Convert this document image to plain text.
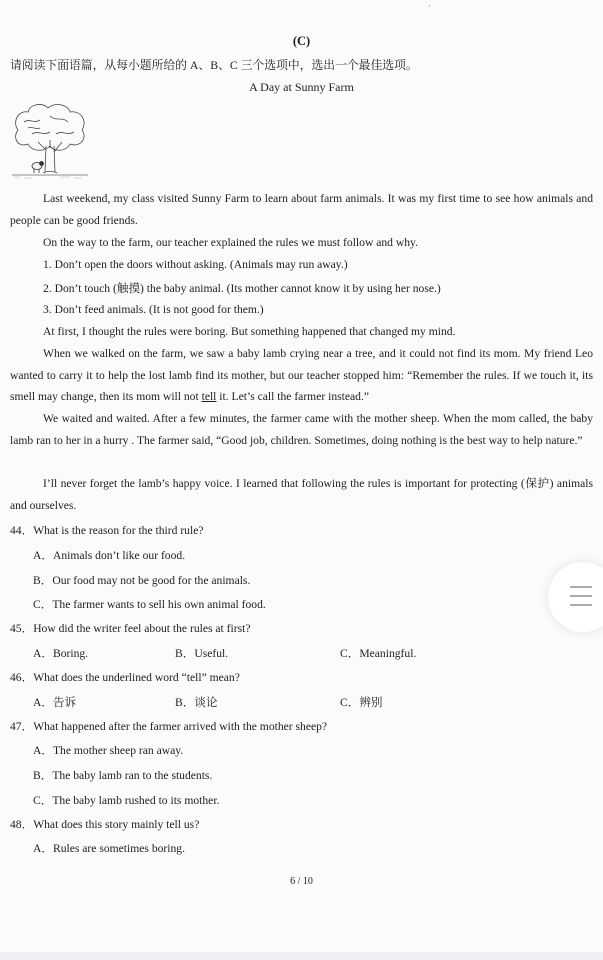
’
(C)
请阅读下面语篇，从每小题所给的 A、B、C 三个选项中，选出一个最佳选项。
A Day at Sunny Farm
Last weekend, my class visited Sunny Farm to learn about farm animals. It was my first time to see how animals and people can be good friends.
On the way to the farm, our teacher explained the rules we must follow and why.
1. Don’t open the doors without asking. (Animals may run away.)
2. Don’t touch (触摸) the baby animal. (Its mother cannot know it by using her nose.)
3. Don’t feed animals. (It is not good for them.)
At first, I thought the rules were boring. But something happened that changed my mind.
When we walked on the farm, we saw a baby lamb crying near a tree, and it could not find its mom. My friend Leo wanted to carry it to help the lost lamb find its mother, but our teacher stopped him: “Remember the rules. If we touch it, its smell may change, then its mom will not tell it. Let’s call the farmer instead.”
We waited and waited. After a few minutes, the farmer came with the mother sheep. When the mom called, the baby lamb ran to her in a hurry . The farmer said, “Good job, children. Sometimes, doing nothing is the best way to help nature.”
I’ll never forget the lamb’s happy voice. I learned that following the rules is important for protecting (保护) animals and ourselves.
44．What is the reason for the third rule?
A．Animals don’t like our food.
B．Our food may not be good for the animals.
C．The farmer wants to sell his own animal food.
45．How did the writer feel about the rules at first?
A．Boring.	B．Useful.	C．Meaningful.
46．What does the underlined word “tell” mean?
A．告诉	B．谈论	C．辨别
47．What happened after the farmer arrived with the mother sheep?
A．The mother sheep ran away.
B．The baby lamb ran to the students.
C．The baby lamb rushed to its mother.
48．What does this story mainly tell us?
A．Rules are sometimes boring.
6 / 10
